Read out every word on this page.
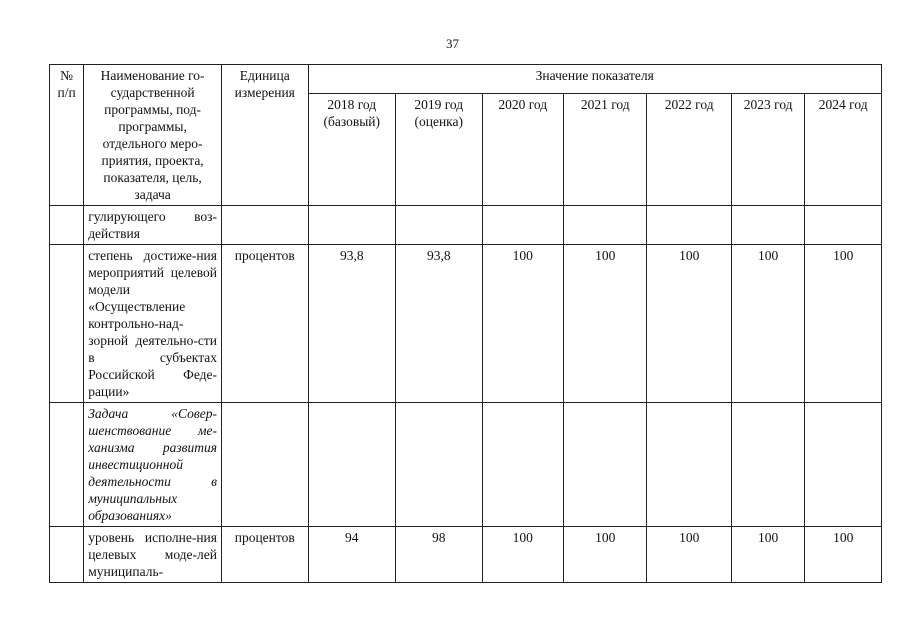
37
№ п/п	Наименование го-сударственной программы, под-программы, отдельного меро-приятия, проекта, показателя, цель, задача	Единица измерения	Значение показателя						
			2018 год (базовый)	2019 год (оценка)	2020 год	2021 год	2022 год	2023 год	2024 год
	гулирующего воз-действия								
	степень достиже-ния мероприятий целевой модели «Осуществление контрольно-над-зорной деятельно-сти в субъектах Российской Феде-рации»	процентов	93,8	93,8	100	100	100	100	100
	Задача «Совер-шенствование ме-ханизма развития инвестиционной деятельности в муниципальных образованиях»								
	уровень исполне-ния целевых моде-лей муниципаль-	процентов	94	98	100	100	100	100	100
